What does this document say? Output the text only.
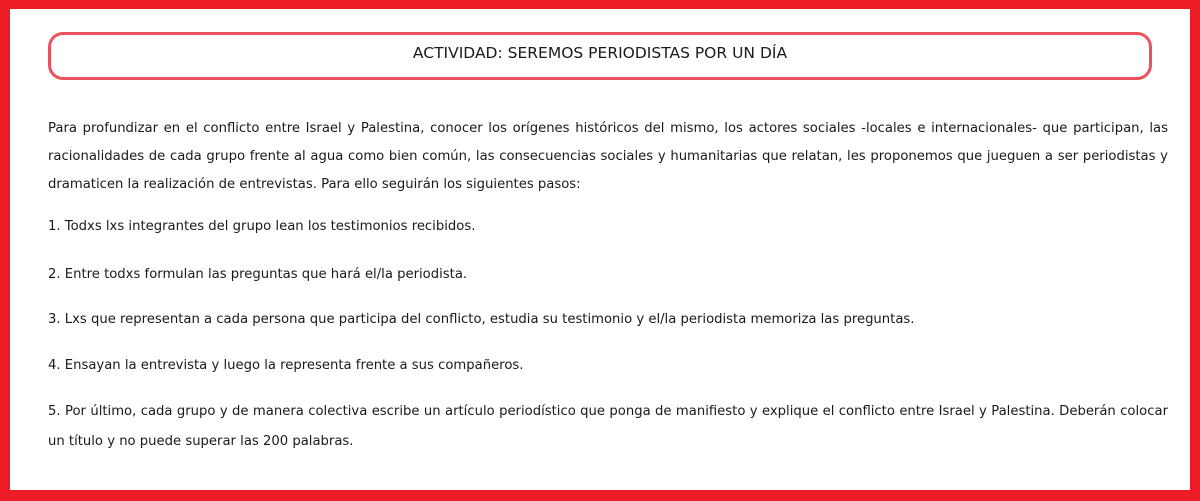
ACTIVIDAD: SEREMOS PERIODISTAS POR UN DÍA

Para profundizar en el conflicto entre Israel y Palestina, conocer los orígenes históricos del mismo, los actores sociales -locales e internacionales- que participan, las racionalidades de cada grupo frente al agua como bien común, las consecuencias sociales y humanitarias que relatan, les proponemos que jueguen a ser periodistas y dramaticen la realización de entrevistas. Para ello seguirán los siguientes pasos:

1. Todxs lxs integrantes del grupo lean los testimonios recibidos.

2. Entre todxs formulan las preguntas que hará el/la periodista.

3. Lxs que representan a cada persona que participa del conflicto, estudia su testimonio y el/la periodista memoriza las preguntas.

4. Ensayan la entrevista y luego la representa frente a sus compañeros.

5. Por último, cada grupo y de manera colectiva escribe un artículo periodístico que ponga de manifiesto y explique el conflicto entre Israel y Palestina. Deberán colocar un título y no puede superar las 200 palabras.
